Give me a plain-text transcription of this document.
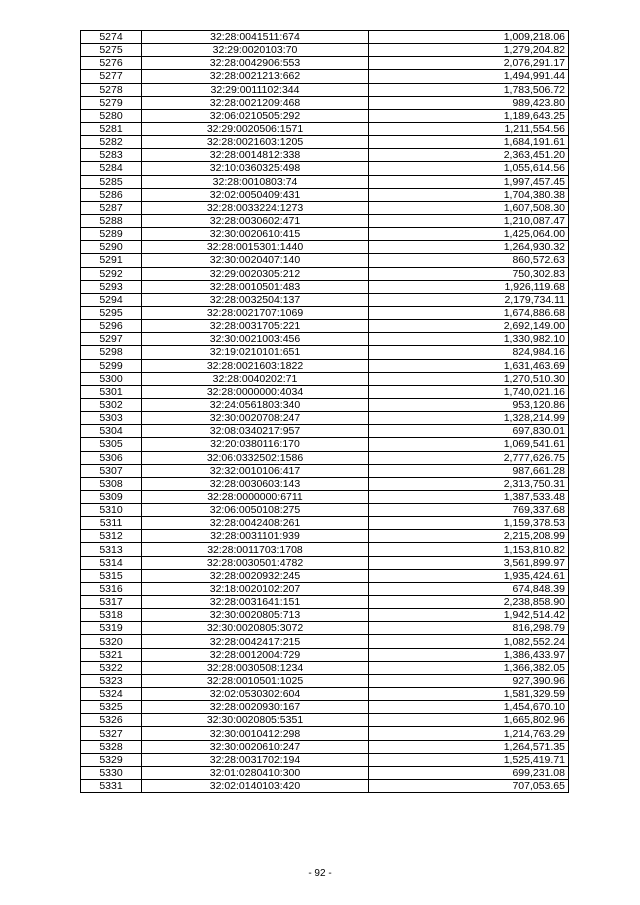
5274	32:28:0041511:674	1,009,218.06
5275	32:29:0020103:70	1,279,204.82
5276	32:28:0042906:553	2,076,291.17
5277	32:28:0021213:662	1,494,991.44
5278	32:29:0011102:344	1,783,506.72
5279	32:28:0021209:468	989,423.80
5280	32:06:0210505:292	1,189,643.25
5281	32:29:0020506:1571	1,211,554.56
5282	32:28:0021603:1205	1,684,191.61
5283	32:28:0014812:338	2,363,451.20
5284	32:10:0360325:498	1,055,614.56
5285	32:28:0010803:74	1,997,457.45
5286	32:02:0050409:431	1,704,380.38
5287	32:28:0033224:1273	1,607,508.30
5288	32:28:0030602:471	1,210,087.47
5289	32:30:0020610:415	1,425,064.00
5290	32:28:0015301:1440	1,264,930.32
5291	32:30:0020407:140	860,572.63
5292	32:29:0020305:212	750,302.83
5293	32:28:0010501:483	1,926,119.68
5294	32:28:0032504:137	2,179,734.11
5295	32:28:0021707:1069	1,674,886.68
5296	32:28:0031705:221	2,692,149.00
5297	32:30:0021003:456	1,330,982.10
5298	32:19:0210101:651	824,984.16
5299	32:28:0021603:1822	1,631,463.69
5300	32:28:0040202:71	1,270,510.30
5301	32:28:0000000:4034	1,740,021.16
5302	32:24:0561803:340	953,120.86
5303	32:30:0020708:247	1,328,214.99
5304	32:08:0340217:957	697,830.01
5305	32:20:0380116:170	1,069,541.61
5306	32:06:0332502:1586	2,777,626.75
5307	32:32:0010106:417	987,661.28
5308	32:28:0030603:143	2,313,750.31
5309	32:28:0000000:6711	1,387,533.48
5310	32:06:0050108:275	769,337.68
5311	32:28:0042408:261	1,159,378.53
5312	32:28:0031101:939	2,215,208.99
5313	32:28:0011703:1708	1,153,810.82
5314	32:28:0030501:4782	3,561,899.97
5315	32:28:0020932:245	1,935,424.61
5316	32:18:0020102:207	674,848.39
5317	32:28:0031641:151	2,238,858.90
5318	32:30:0020805:713	1,942,514.42
5319	32:30:0020805:3072	816,298.79
5320	32:28:0042417:215	1,082,552.24
5321	32:28:0012004:729	1,386,433.97
5322	32:28:0030508:1234	1,366,382.05
5323	32:28:0010501:1025	927,390.96
5324	32:02:0530302:604	1,581,329.59
5325	32:28:0020930:167	1,454,670.10
5326	32:30:0020805:5351	1,665,802.96
5327	32:30:0010412:298	1,214,763.29
5328	32:30:0020610:247	1,264,571.35
5329	32:28:0031702:194	1,525,419.71
5330	32:01:0280410:300	699,231.08
5331	32:02:0140103:420	707,053.65
- 92 -
